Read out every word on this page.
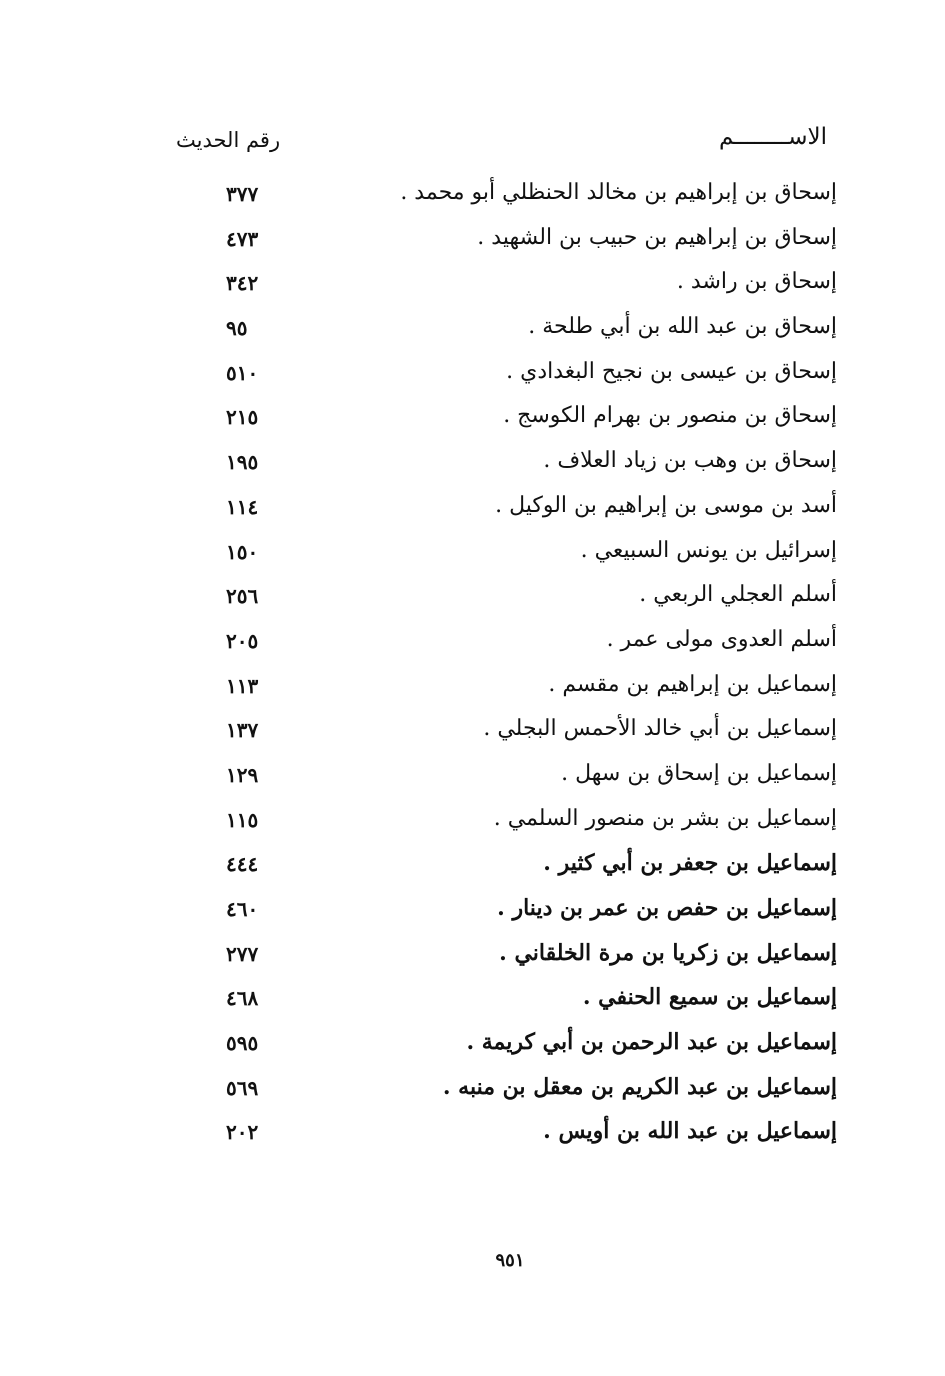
الاســــــــم
رقم الحديث
إسحاق بن إبراهيم بن مخالد الحنظلي أبو محمد .
٣٧٧
إسحاق بن إبراهيم بن حبيب بن الشهيد .
٤٧٣
إسحاق بن راشد .
٣٤٢
إسحاق بن عبد الله بن أبي طلحة .
٩٥
إسحاق بن عيسى بن نجيح البغدادي .
٥١٠
إسحاق بن منصور بن بهرام الكوسج .
٢١٥
إسحاق بن وهب بن زياد العلاف .
١٩٥
أسد بن موسى بن إبراهيم بن الوكيل .
١١٤
إسرائيل بن يونس السبيعي .
١٥٠
أسلم العجلي الربعي .
٢٥٦
أسلم العدوى مولى عمر .
٢٠٥
إسماعيل بن إبراهيم بن مقسم .
١١٣
إسماعيل بن أبي خالد الأحمس البجلي .
١٣٧
إسماعيل بن إسحاق بن سهل .
١٢٩
إسماعيل بن بشر بن منصور السلمي .
١١٥
إسماعيل بن جعفر بن أبي كثير .
٤٤٤
إسماعيل بن حفص بن عمر بن دينار .
٤٦٠
إسماعيل بن زكريا بن مرة الخلقاني .
٢٧٧
إسماعيل بن سميع الحنفي .
٤٦٨
إسماعيل بن عبد الرحمن بن أبي كريمة .
٥٩٥
إسماعيل بن عبد الكريم بن معقل بن منبه .
٥٦٩
إسماعيل بن عبد الله بن أويس .
٢٠٢
٩٥١
